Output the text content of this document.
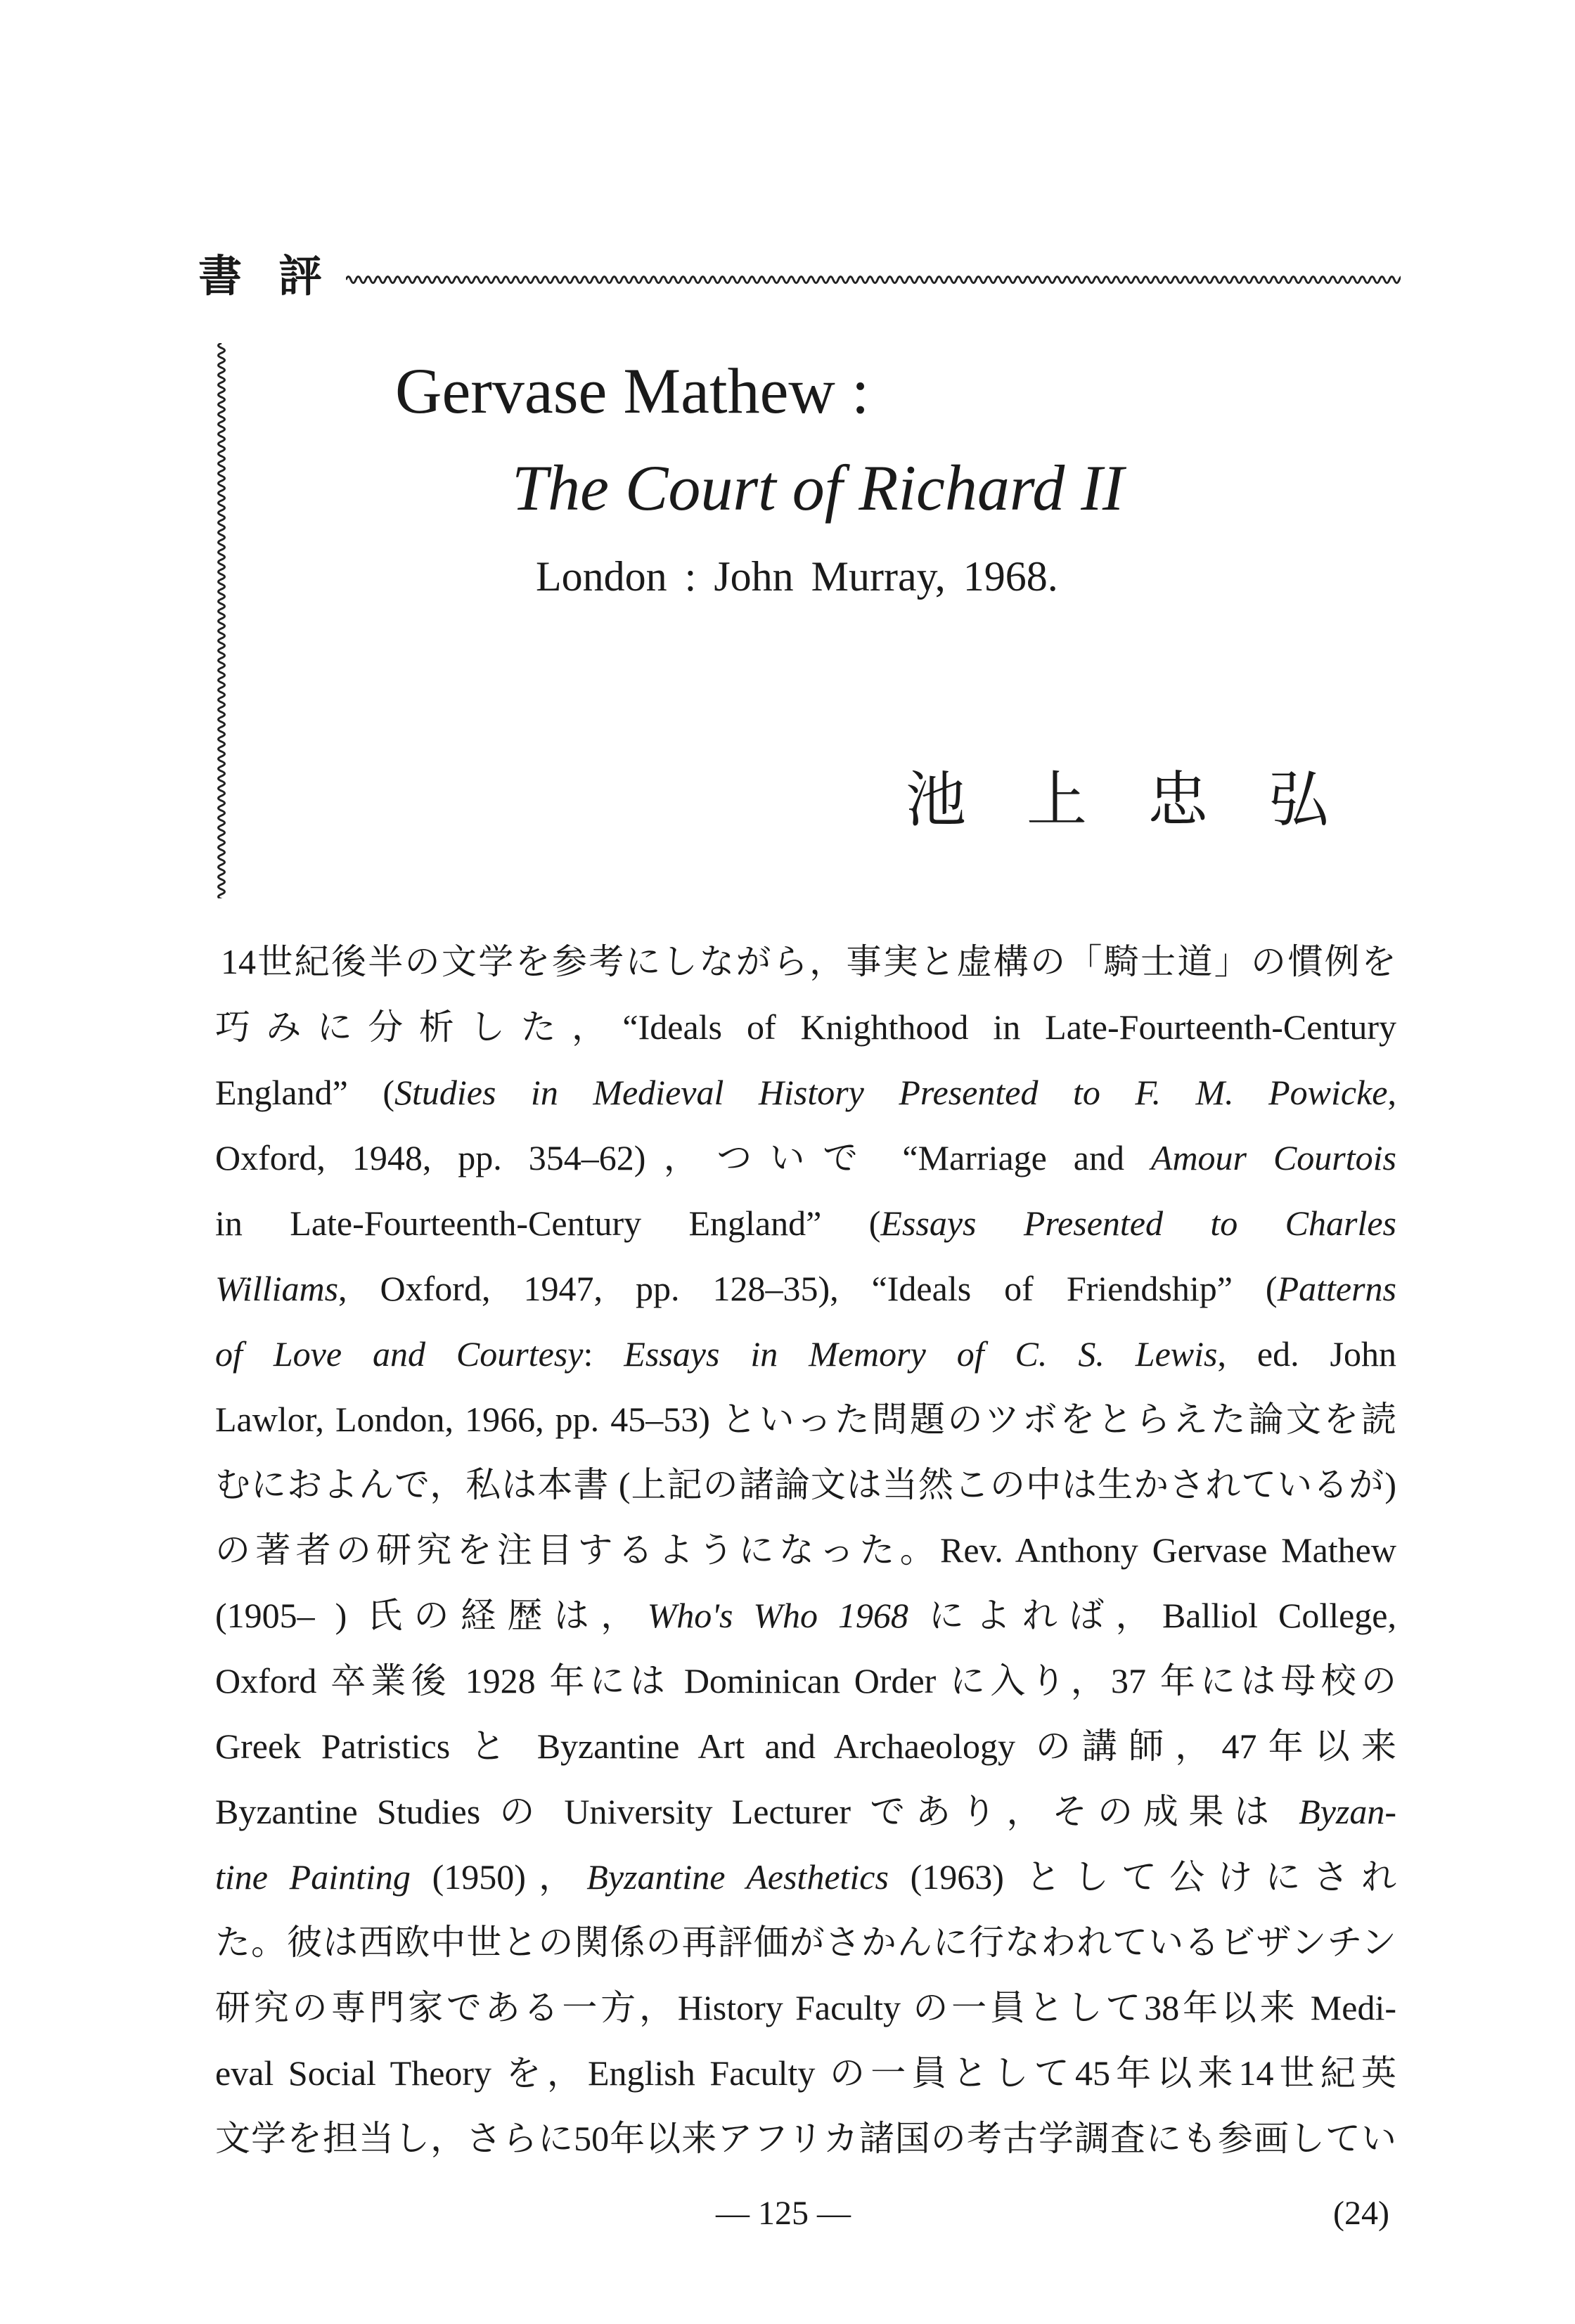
書評
Gervase Mathew :
The Court of Richard II
London : John Murray, 1968.
池上忠弘
14世紀後半の文学を参考にしながら，事実と虚構の「騎士道」の慣例を
巧みに分析した，“Ideals of Knighthood in Late-Fourteenth-Century
England” (Studies in Medieval History Presented to F. M. Powicke,
Oxford, 1948, pp. 354–62)，ついで “Marriage and Amour Courtois
in Late-Fourteenth-Century England” (Essays Presented to Charles
Williams, Oxford, 1947, pp. 128–35), “Ideals of Friendship” (Patterns
of Love and Courtesy: Essays in Memory of C. S. Lewis, ed. John
Lawlor, London, 1966, pp. 45–53) といった問題のツボをとらえた論文を読
むにおよんで，私は本書 (上記の諸論文は当然この中は生かされているが)
の著者の研究を注目するようになった。Rev. Anthony Gervase Mathew
(1905– ) 氏の経歴は，Who's Who 1968 によれば，Balliol College,
Oxford 卒業後 1928 年には Dominican Order に入り，37 年には母校の
Greek Patristics と Byzantine Art and Archaeology の講師，47年以来
Byzantine Studies の University Lecturer であり，その成果は Byzan-
tine Painting (1950)，Byzantine Aesthetics (1963) として公けにされ
た。彼は西欧中世との関係の再評価がさかんに行なわれているビザンチン
研究の専門家である一方，History Faculty の一員として38年以来 Medi-
eval Social Theory を，English Faculty の一員として45年以来14世紀英
文学を担当し，さらに50年以来アフリカ諸国の考古学調査にも参画してい
— 125 —	(24)
